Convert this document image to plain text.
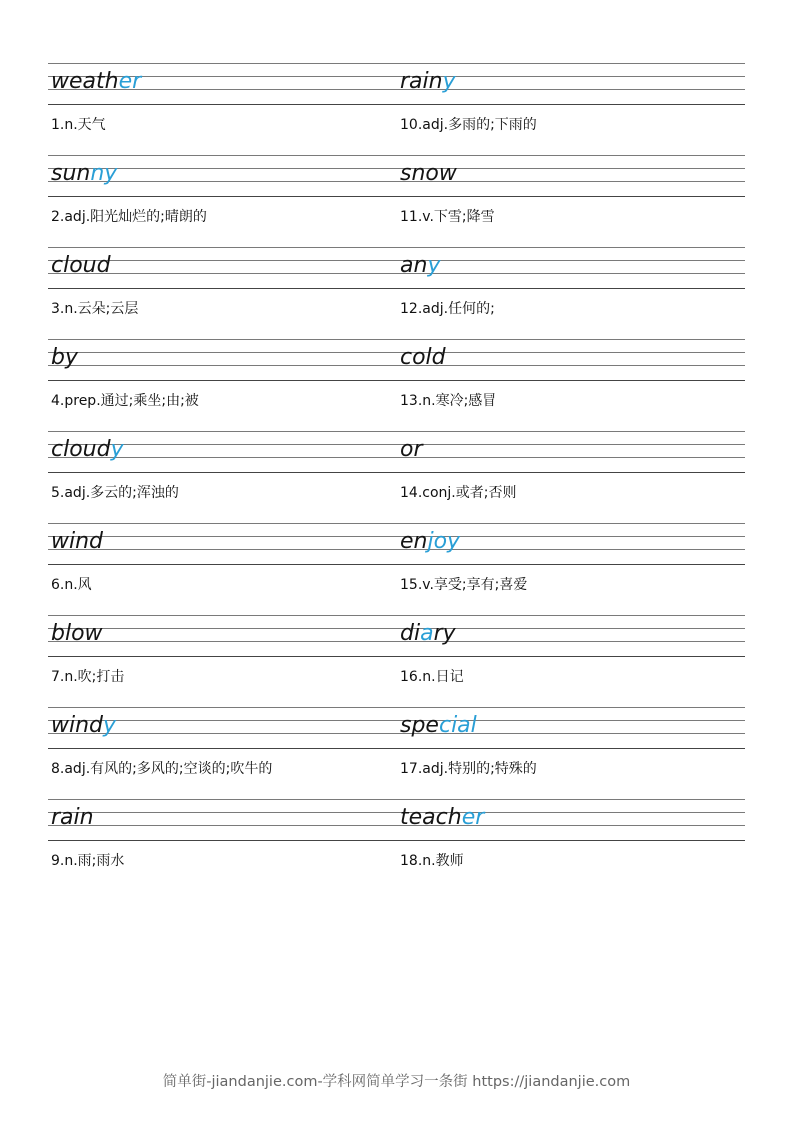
weather
1.n.天气
rainy
10.adj.多雨的;下雨的
sunny
2.adj.阳光灿烂的;晴朗的
snow
11.v.下雪;降雪
cloud
3.n.云朵;云层
any
12.adj.任何的;
by
4.prep.通过;乘坐;由;被
cold
13.n.寒冷;感冒
cloudy
5.adj.多云的;浑浊的
or
14.conj.或者;否则
wind
6.n.风
enjoy
15.v.享受;享有;喜爱
blow
7.n.吹;打击
diary
16.n.日记
windy
8.adj.有风的;多风的;空谈的;吹牛的
special
17.adj.特别的;特殊的
rain
9.n.雨;雨水
teacher
18.n.教师
简单街-jiandanjie.com-学科网简单学习一条街 https://jiandanjie.com
